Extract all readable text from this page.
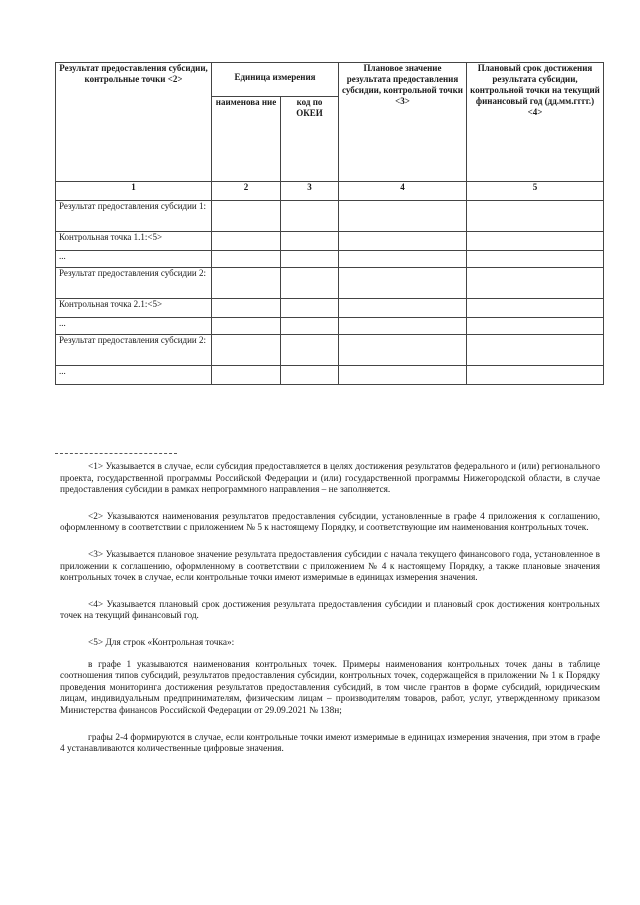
Результат предоставления субсидии, контрольные точки <2>	Единица измерения		Плановое значение результата предоставления субсидии, контрольной точки <3>	Плановый срок достижения результата субсидии, контрольной точки на текущий финансовый год (дд.мм.гггг.) <4>
	наименова ние	код по ОКЕИ		
1	2	3	4	5
Результат предоставления субсидии 1:				
Контрольная точка 1.1:<5>				
...				
Результат предоставления субсидии 2:				
Контрольная точка 2.1:<5>				
...				
Результат предоставления субсидии 2:				
...				

<1> Указывается в случае, если субсидия предоставляется в целях достижения результатов федерального и (или) регионального проекта, государственной программы Российской Федерации и (или) государственной программы Нижегородской области, в случае предоставления субсидии в рамках непрограммного направления – не заполняется.

<2> Указываются наименования результатов предоставления субсидии, установленные в графе 4 приложения к соглашению, оформленному в соответствии с приложением № 5 к настоящему Порядку, и соответствующие им наименования контрольных точек.

<3> Указывается плановое значение результата предоставления субсидии с начала текущего финансового года, установленное в приложении к соглашению, оформленному в соответствии с приложением № 4 к настоящему Порядку, а также плановые значения контрольных точек в случае, если контрольные точки имеют измеримые в единицах измерения значения.

<4> Указывается плановый срок достижения результата предоставления субсидии и плановый срок достижения контрольных точек на текущий финансовый год.

<5> Для строк «Контрольная точка»:

в графе 1 указываются наименования контрольных точек. Примеры наименования контрольных точек даны в таблице соотношения типов субсидий, результатов предоставления субсидии, контрольных точек, содержащейся в приложении № 1 к Порядку проведения мониторинга достижения результатов предоставления субсидий, в том числе грантов в форме субсидий, юридическим лицам, индивидуальным предпринимателям, физическим лицам – производителям товаров, работ, услуг, утвержденному приказом Министерства финансов Российской Федерации от 29.09.2021 № 138н;

графы 2-4 формируются в случае, если контрольные точки имеют измеримые в единицах измерения значения, при этом в графе 4 устанавливаются количественные цифровые значения.
